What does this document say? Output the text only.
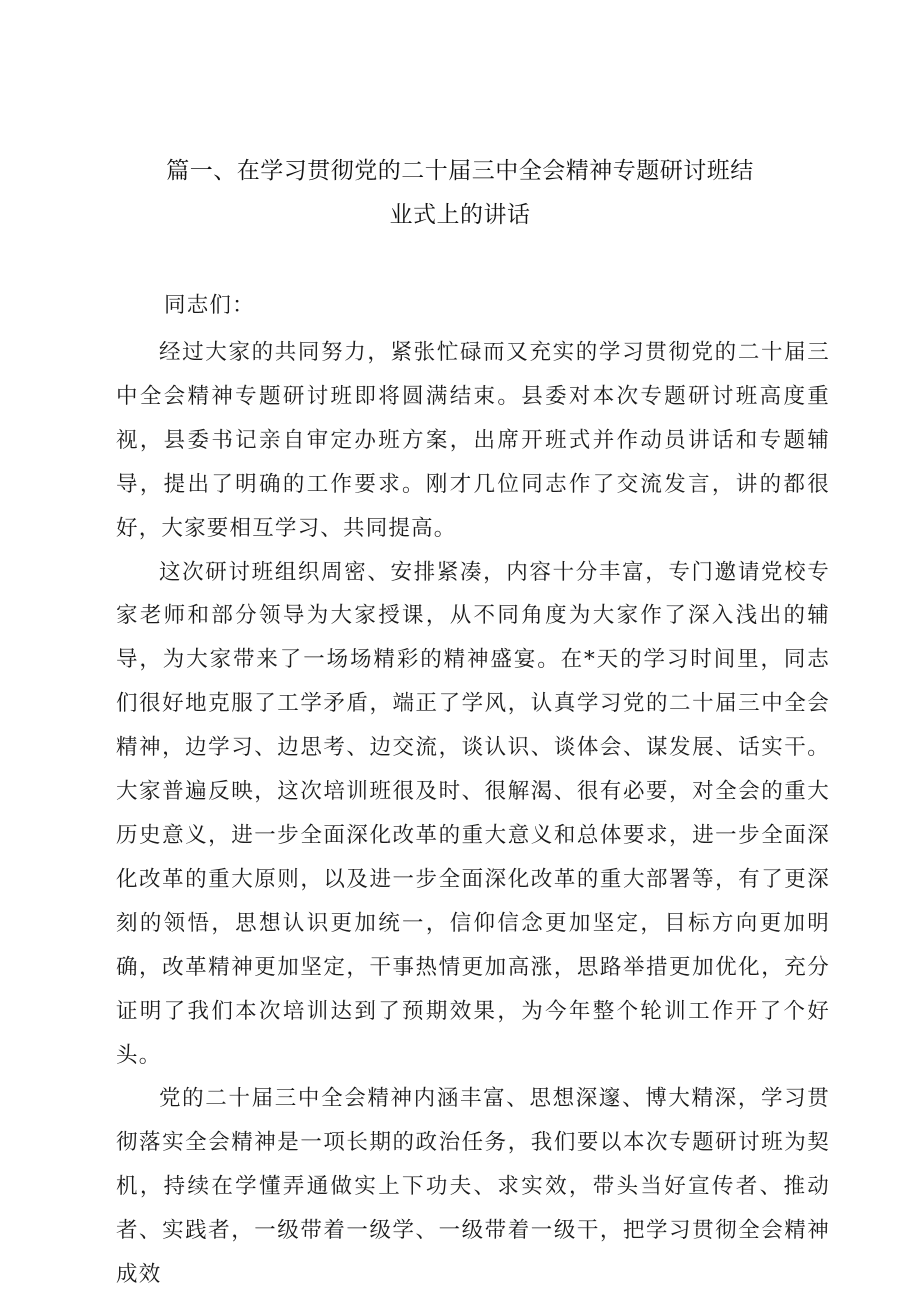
篇一、在学习贯彻党的二十届三中全会精神专题研讨班结
业式上的讲话
同志们：

经过大家的共同努力，紧张忙碌而又充实的学习贯彻党的二十届三中全会精神专题研讨班即将圆满结束。县委对本次专题研讨班高度重视，县委书记亲自审定办班方案，出席开班式并作动员讲话和专题辅导，提出了明确的工作要求。刚才几位同志作了交流发言，讲的都很好，大家要相互学习、共同提高。

这次研讨班组织周密、安排紧凑，内容十分丰富，专门邀请党校专家老师和部分领导为大家授课，从不同角度为大家作了深入浅出的辅导，为大家带来了一场场精彩的精神盛宴。在*天的学习时间里，同志们很好地克服了工学矛盾，端正了学风，认真学习党的二十届三中全会精神，边学习、边思考、边交流，谈认识、谈体会、谋发展、话实干。大家普遍反映，这次培训班很及时、很解渴、很有必要，对全会的重大历史意义，进一步全面深化改革的重大意义和总体要求，进一步全面深化改革的重大原则，以及进一步全面深化改革的重大部署等，有了更深刻的领悟，思想认识更加统一，信仰信念更加坚定，目标方向更加明确，改革精神更加坚定，干事热情更加高涨，思路举措更加优化，充分证明了我们本次培训达到了预期效果，为今年整个轮训工作开了个好头。

党的二十届三中全会精神内涵丰富、思想深邃、博大精深，学习贯彻落实全会精神是一项长期的政治任务，我们要以本次专题研讨班为契机，持续在学懂弄通做实上下功夫、求实效，带头当好宣传者、推动者、实践者，一级带着一级学、一级带着一级干，把学习贯彻全会精神成效
